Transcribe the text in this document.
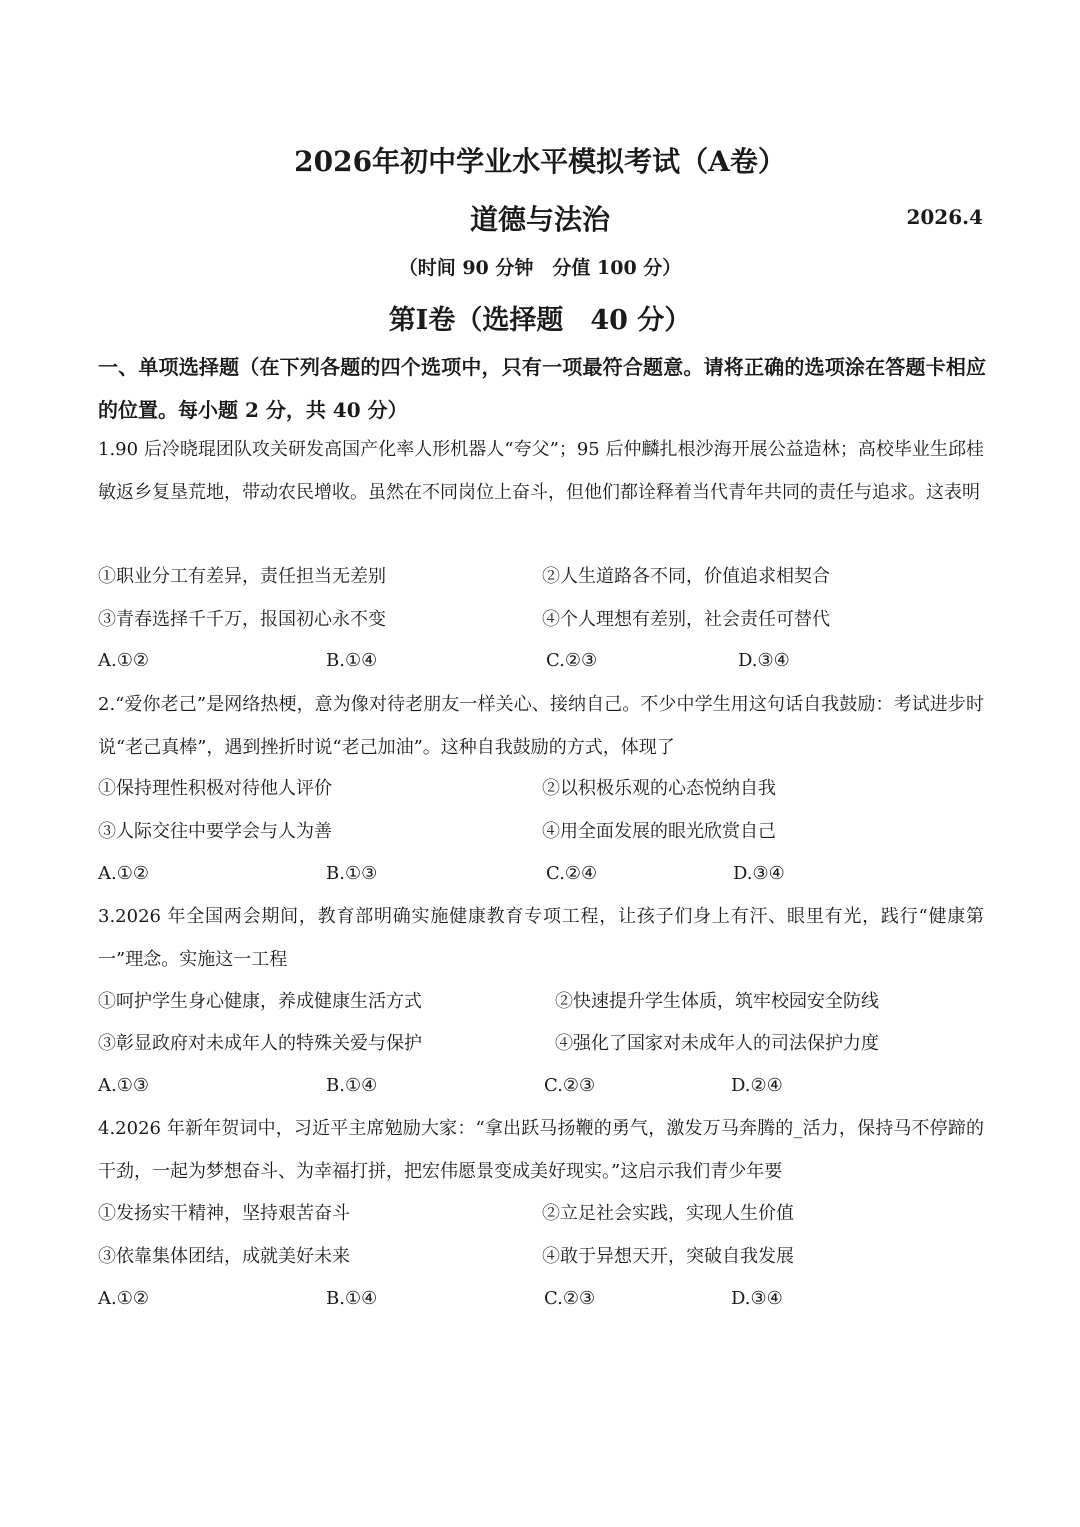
2026年初中学业水平模拟考试（A卷）
道德与法治	2026.4
（时间 90 分钟　分值 100 分）
第Ⅰ卷（选择题　40 分）
一、单项选择题（在下列各题的四个选项中，只有一项最符合题意。请将正确的选项涂在答题卡相应的位置。每小题 2 分，共 40 分）
1.90 后冷晓琨团队攻关研发高国产化率人形机器人“夸父”；95 后仲麟扎根沙海开展公益造林；高校毕业生邱桂敏返乡复垦荒地，带动农民增收。虽然在不同岗位上奋斗，但他们都诠释着当代青年共同的责任与追求。这表明
①职业分工有差异，责任担当无差别	②人生道路各不同，价值追求相契合
③青春选择千千万，报国初心永不变	④个人理想有差别，社会责任可替代
A.①②	B.①④	C.②③	D.③④
2.“爱你老己”是网络热梗，意为像对待老朋友一样关心、接纳自己。不少中学生用这句话自我鼓励：考试进步时说“老己真棒”，遇到挫折时说“老己加油”。这种自我鼓励的方式，体现了
①保持理性积极对待他人评价	②以积极乐观的心态悦纳自我
③人际交往中要学会与人为善	④用全面发展的眼光欣赏自己
A.①②	B.①③	C.②④	D.③④
3.2026 年全国两会期间，教育部明确实施健康教育专项工程，让孩子们身上有汗、眼里有光，践行“健康第一”理念。实施这一工程
①呵护学生身心健康，养成健康生活方式	②快速提升学生体质，筑牢校园安全防线
③彰显政府对未成年人的特殊关爱与保护	④强化了国家对未成年人的司法保护力度
A.①③	B.①④	C.②③	D.②④
4.2026 年新年贺词中，习近平主席勉励大家：“拿出跃马扬鞭的勇气，激发万马奔腾的_活力，保持马不停蹄的干劲，一起为梦想奋斗、为幸福打拼，把宏伟愿景变成美好现实。”这启示我们青少年要
①发扬实干精神，坚持艰苦奋斗	②立足社会实践，实现人生价值
③依靠集体团结，成就美好未来	④敢于异想天开，突破自我发展
A.①②	B.①④	C.②③	D.③④
